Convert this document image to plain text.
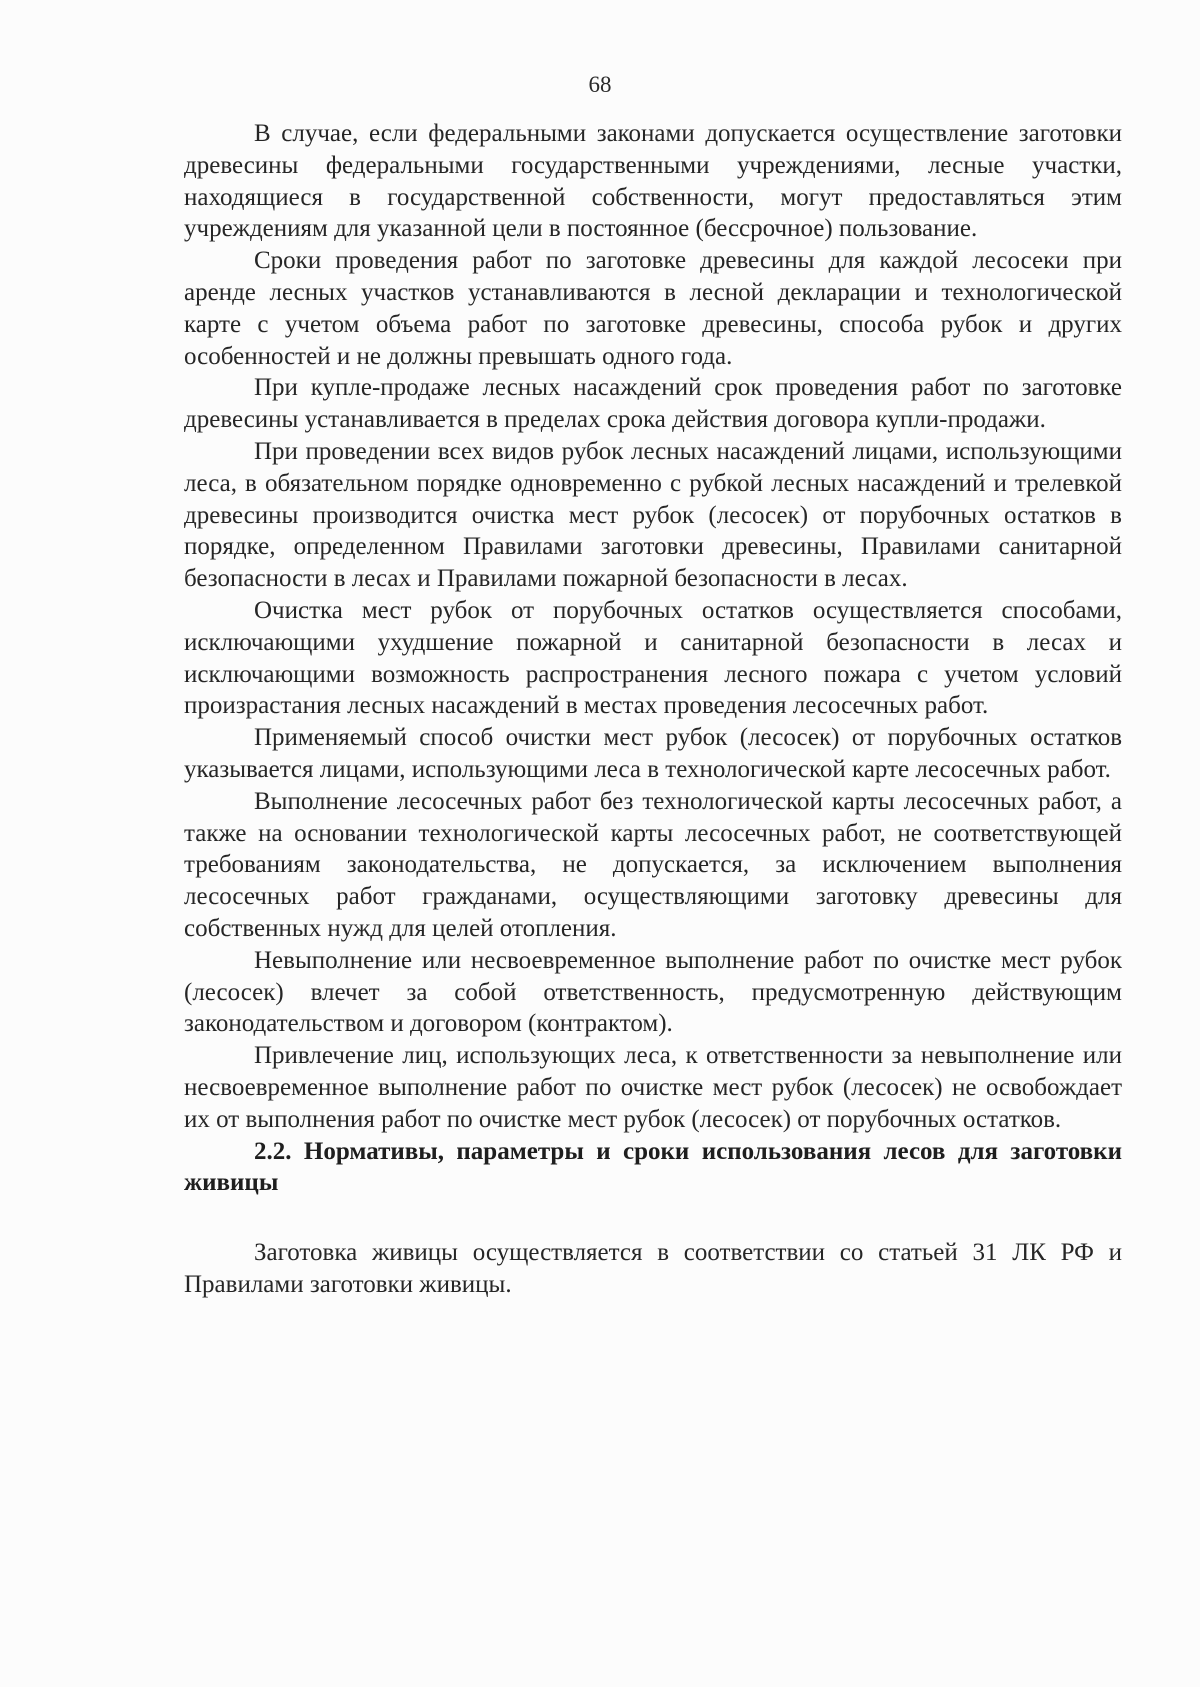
68

В случае, если федеральными законами допускается осуществление заготовки древесины федеральными государственными учреждениями, лесные участки, находящиеся в государственной собственности, могут предоставляться этим учреждениям для указанной цели в постоянное (бессрочное) пользование.

Сроки проведения работ по заготовке древесины для каждой лесосеки при аренде лесных участков устанавливаются в лесной декларации и технологической карте с учетом объема работ по заготовке древесины, способа рубок и других особенностей и не должны превышать одного года.

При купле-продаже лесных насаждений срок проведения работ по заготовке древесины устанавливается в пределах срока действия договора купли-продажи.

При проведении всех видов рубок лесных насаждений лицами, использующими леса, в обязательном порядке одновременно с рубкой лесных насаждений и трелевкой древесины производится очистка мест рубок (лесосек) от порубочных остатков в порядке, определенном Правилами заготовки древесины, Правилами санитарной безопасности в лесах и Правилами пожарной безопасности в лесах.

Очистка мест рубок от порубочных остатков осуществляется способами, исключающими ухудшение пожарной и санитарной безопасности в лесах и исключающими возможность распространения лесного пожара с учетом условий произрастания лесных насаждений в местах проведения лесосечных работ.

Применяемый способ очистки мест рубок (лесосек) от порубочных остатков указывается лицами, использующими леса в технологической карте лесосечных работ.

Выполнение лесосечных работ без технологической карты лесосечных работ, а также на основании технологической карты лесосечных работ, не соответствующей требованиям законодательства, не допускается, за исключением выполнения лесосечных работ гражданами, осуществляющими заготовку древесины для собственных нужд для целей отопления.

Невыполнение или несвоевременное выполнение работ по очистке мест рубок (лесосек) влечет за собой ответственность, предусмотренную действующим законодательством и договором (контрактом).

Привлечение лиц, использующих леса, к ответственности за невыполнение или несвоевременное выполнение работ по очистке мест рубок (лесосек) не освобождает их от выполнения работ по очистке мест рубок (лесосек) от порубочных остатков.

2.2. Нормативы, параметры и сроки использования лесов для заготовки живицы

Заготовка живицы осуществляется в соответствии со статьей 31 ЛК РФ и Правилами заготовки живицы.
